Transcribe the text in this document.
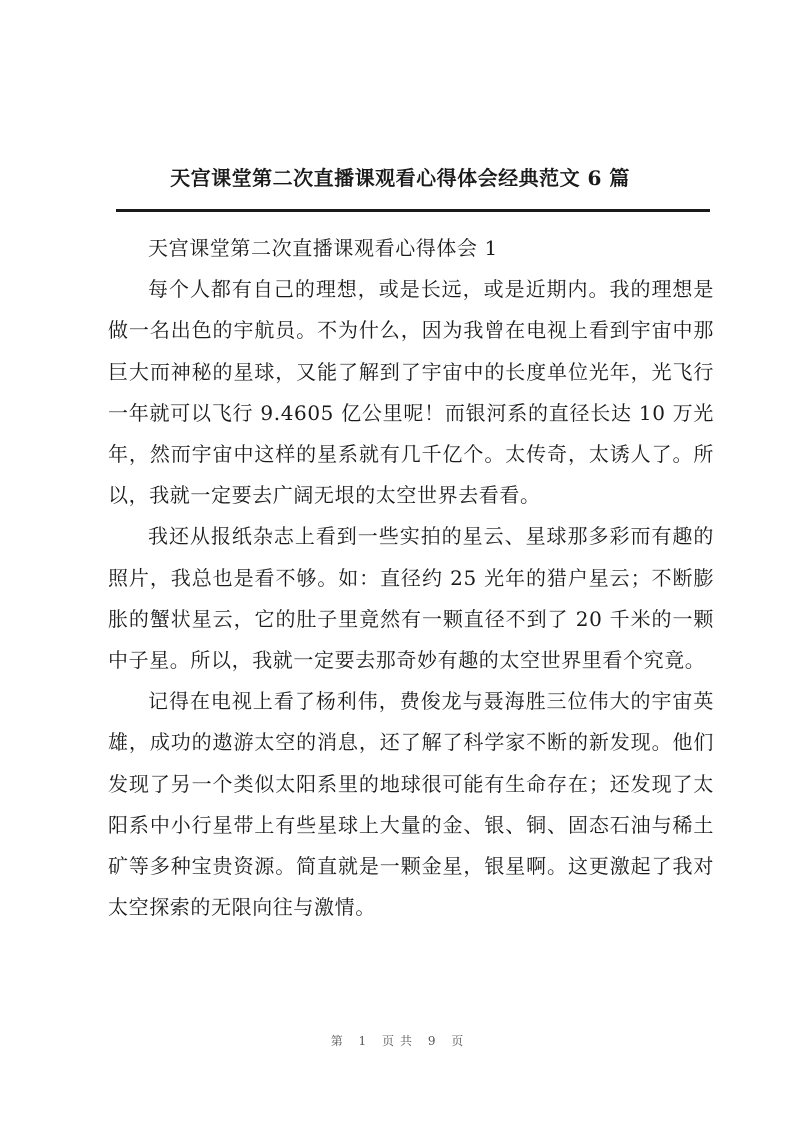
天宫课堂第二次直播课观看心得体会经典范文 6 篇

天宫课堂第二次直播课观看心得体会 1

每个人都有自己的理想，或是长远，或是近期内。我的理想是做一名出色的宇航员。不为什么，因为我曾在电视上看到宇宙中那巨大而神秘的星球，又能了解到了宇宙中的长度单位光年，光飞行一年就可以飞行 9.4605 亿公里呢！而银河系的直径长达 10 万光年，然而宇宙中这样的星系就有几千亿个。太传奇，太诱人了。所以，我就一定要去广阔无垠的太空世界去看看。

我还从报纸杂志上看到一些实拍的星云、星球那多彩而有趣的照片，我总也是看不够。如：直径约 25 光年的猎户星云；不断膨胀的蟹状星云，它的肚子里竟然有一颗直径不到了 20 千米的一颗中子星。所以，我就一定要去那奇妙有趣的太空世界里看个究竟。

记得在电视上看了杨利伟，费俊龙与聂海胜三位伟大的宇宙英雄，成功的遨游太空的消息，还了解了科学家不断的新发现。他们发现了另一个类似太阳系里的地球很可能有生命存在；还发现了太阳系中小行星带上有些星球上大量的金、银、铜、固态石油与稀土矿等多种宝贵资源。简直就是一颗金星，银星啊。这更激起了我对太空探索的无限向往与激情。

第 1 页共 9 页
